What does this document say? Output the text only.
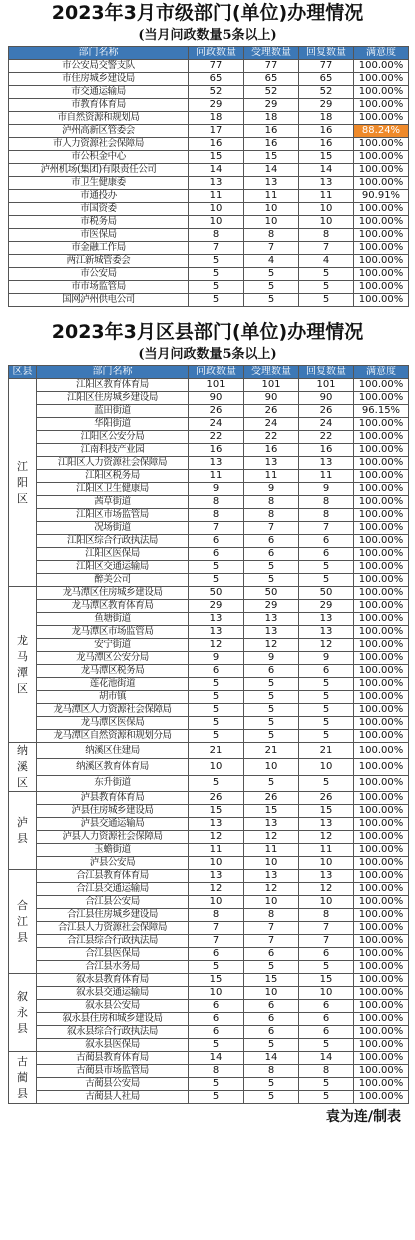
2023年3月市级部门(单位)办理情况
(当月问政数量5条以上)
部门名称	问政数量	受理数量	回复数量	满意度
市公安局交警支队	77	77	77	100.00%
市住房城乡建设局	65	65	65	100.00%
市交通运输局	52	52	52	100.00%
市教育体育局	29	29	29	100.00%
市自然资源和规划局	18	18	18	100.00%
泸州高新区管委会	17	16	16	88.24%
市人力资源社会保障局	16	16	16	100.00%
市公积金中心	15	15	15	100.00%
泸州机场(集团)有限责任公司	14	14	14	100.00%
市卫生健康委	13	13	13	100.00%
市通投办	11	11	11	90.91%
市国资委	10	10	10	100.00%
市税务局	10	10	10	100.00%
市医保局	8	8	8	100.00%
市金融工作局	7	7	7	100.00%
两江新城管委会	5	4	4	100.00%
市公安局	5	5	5	100.00%
市市场监管局	5	5	5	100.00%
国网泸州供电公司	5	5	5	100.00%
2023年3月区县部门(单位)办理情况
(当月问政数量5条以上)
区县	部门名称	问政数量	受理数量	回复数量	满意度
江
阳
区	江阳区教育体育局	101	101	101	100.00%
	江阳区住房城乡建设局	90	90	90	100.00%
	蓝田街道	26	26	26	96.15%
	华阳街道	24	24	24	100.00%
	江阳区公安分局	22	22	22	100.00%
	江南科技产业园	16	16	16	100.00%
	江阳区人力资源社会保障局	13	13	13	100.00%
	江阳区税务局	11	11	11	100.00%
	江阳区卫生健康局	9	9	9	100.00%
	茜草街道	8	8	8	100.00%
	江阳区市场监管局	8	8	8	100.00%
	况场街道	7	7	7	100.00%
	江阳区综合行政执法局	6	6	6	100.00%
	江阳区医保局	6	6	6	100.00%
	江阳区交通运输局	5	5	5	100.00%
	醉美公司	5	5	5	100.00%
龙
马
潭
区	龙马潭区住房城乡建设局	50	50	50	100.00%
	龙马潭区教育体育局	29	29	29	100.00%
	鱼塘街道	13	13	13	100.00%
	龙马潭区市场监管局	13	13	13	100.00%
	安宁街道	12	12	12	100.00%
	龙马潭区公安分局	9	9	9	100.00%
	龙马潭区税务局	6	6	6	100.00%
	莲花池街道	5	5	5	100.00%
	胡市镇	5	5	5	100.00%
	龙马潭区人力资源社会保障局	5	5	5	100.00%
	龙马潭区医保局	5	5	5	100.00%
	龙马潭区自然资源和规划分局	5	5	5	100.00%
纳
溪
区	纳溪区住建局	21	21	21	100.00%
	纳溪区教育体育局	10	10	10	100.00%
	东升街道	5	5	5	100.00%
泸
县	泸县教育体育局	26	26	26	100.00%
	泸县住房城乡建设局	15	15	15	100.00%
	泸县交通运输局	13	13	13	100.00%
	泸县人力资源社会保障局	12	12	12	100.00%
	玉蟾街道	11	11	11	100.00%
	泸县公安局	10	10	10	100.00%
合
江
县	合江县教育体育局	13	13	13	100.00%
	合江县交通运输局	12	12	12	100.00%
	合江县公安局	10	10	10	100.00%
	合江县住房城乡建设局	8	8	8	100.00%
	合江县人力资源社会保障局	7	7	7	100.00%
	合江县综合行政执法局	7	7	7	100.00%
	合江县医保局	6	6	6	100.00%
	合江县水务局	5	5	5	100.00%
叙
永
县	叙永县教育体育局	15	15	15	100.00%
	叙永县交通运输局	10	10	10	100.00%
	叙永县公安局	6	6	6	100.00%
	叙永县住房和城乡建设局	6	6	6	100.00%
	叙永县综合行政执法局	6	6	6	100.00%
	叙永县医保局	5	5	5	100.00%
古
蔺
县	古蔺县教育体育局	14	14	14	100.00%
	古蔺县市场监管局	8	8	8	100.00%
	古蔺县公安局	5	5	5	100.00%
	古蔺县人社局	5	5	5	100.00%
袁为连/制表
